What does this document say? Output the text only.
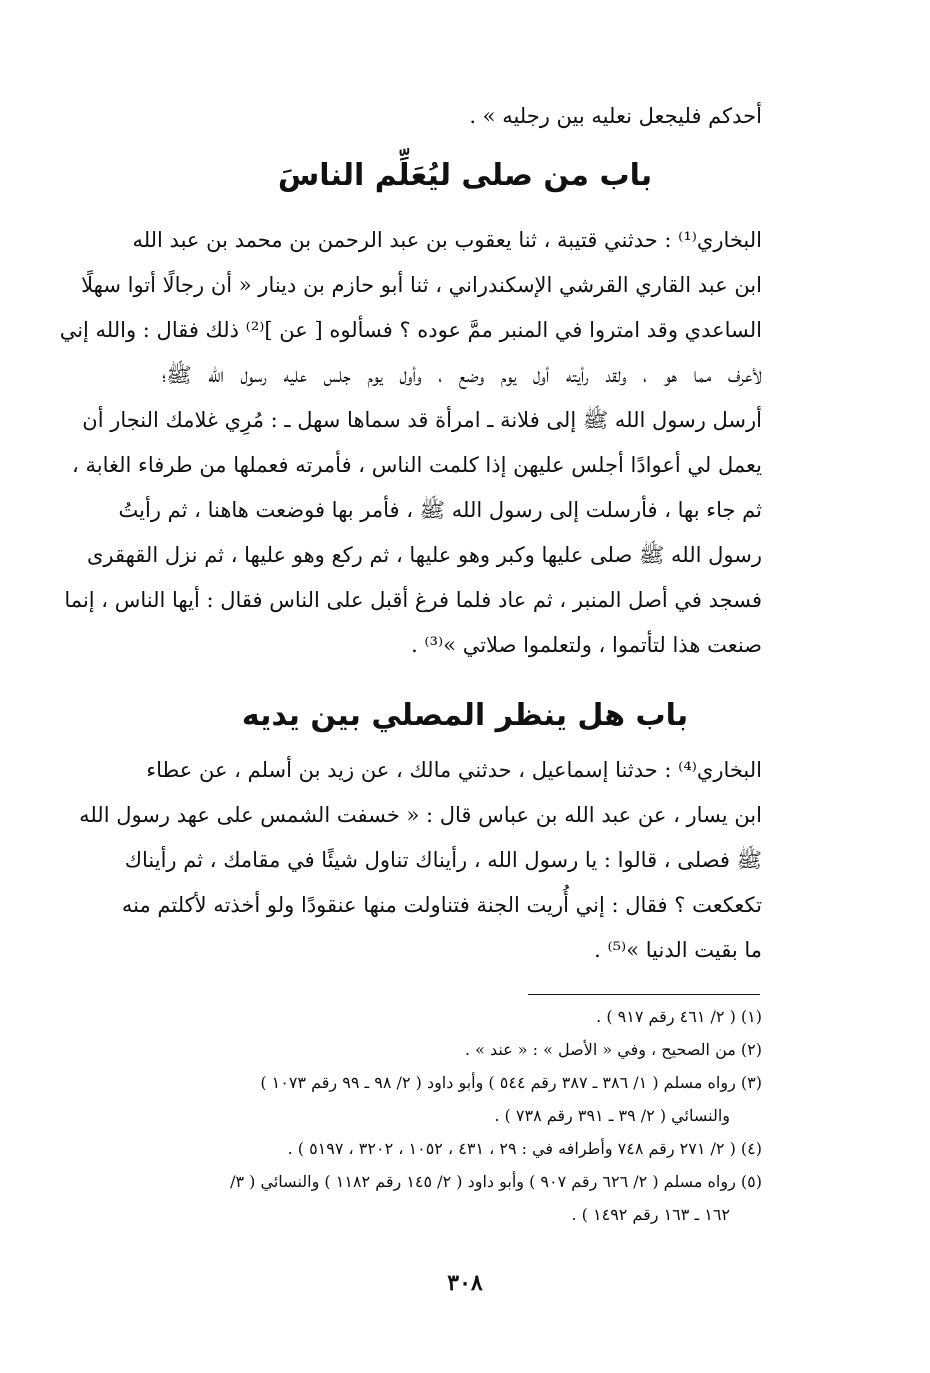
أحدكم فليجعل نعليه بين رجليه » .
باب من صلى ليُعَلِّم الناسَ
البخاري⁽¹⁾ : حدثني قتيبة ، ثنا يعقوب بن عبد الرحمن بن محمد بن عبد الله
ابن عبد القاري القرشي الإسكندراني ، ثنا أبو حازم بن دينار « أن رجالًا أتوا سهلًا
الساعدي وقد امتروا في المنبر ممَّ عوده ؟ فسألوه [ عن ]⁽²⁾ ذلك فقال : والله إني
لأعرف مما هو ، ولقد رأيته أول يوم وضع ، وأول يوم جلس عليه رسول الله ﷺ؛
أرسل رسول الله ﷺ إلى فلانة ـ امرأة قد سماها سهل ـ : مُرِي غلامك النجار أن
يعمل لي أعوادًا أجلس عليهن إذا كلمت الناس ، فأمرته فعملها من طرفاء الغابة ،
ثم جاء بها ، فأرسلت إلى رسول الله ﷺ ، فأمر بها فوضعت هاهنا ، ثم رأيتُ
رسول الله ﷺ صلى عليها وكبر وهو عليها ، ثم ركع وهو عليها ، ثم نزل القهقرى
فسجد في أصل المنبر ، ثم عاد فلما فرغ أقبل على الناس فقال : أيها الناس ، إنما
صنعت هذا لتأتموا ، ولتعلموا صلاتي »⁽³⁾ .
باب هل ينظر المصلي بين يديه
البخاري⁽⁴⁾ : حدثنا إسماعيل ، حدثني مالك ، عن زيد بن أسلم ، عن عطاء
ابن يسار ، عن عبد الله بن عباس قال : « خسفت الشمس على عهد رسول الله
ﷺ فصلى ، قالوا : يا رسول الله ، رأيناك تناول شيئًا في مقامك ، ثم رأيناك
تكعكعت ؟ فقال : إني أُريت الجنة فتناولت منها عنقودًا ولو أخذته لأكلتم منه
ما بقيت الدنيا »⁽⁵⁾ .
(١) ( ٢/ ٤٦١ رقم ٩١٧ ) .
(٢) من الصحيح ، وفي « الأصل » : « عند » .
(٣) رواه مسلم ( ١/ ٣٨٦ ـ ٣٨٧ رقم ٥٤٤ ) وأبو داود ( ٢/ ٩٨ ـ ٩٩ رقم ١٠٧٣ )
والنسائي ( ٢/ ٣٩ ـ ٣٩١ رقم ٧٣٨ ) .
(٤) ( ٢/ ٢٧١ رقم ٧٤٨ وأطرافه في : ٢٩ ، ٤٣١ ، ١٠٥٢ ، ٣٢٠٢ ، ٥١٩٧ ) .
(٥) رواه مسلم ( ٢/ ٦٢٦ رقم ٩٠٧ ) وأبو داود ( ٢/ ١٤٥ رقم ١١٨٢ ) والنسائي ( ٣/
١٦٢ ـ ١٦٣ رقم ١٤٩٢ ) .
٣٠٨
